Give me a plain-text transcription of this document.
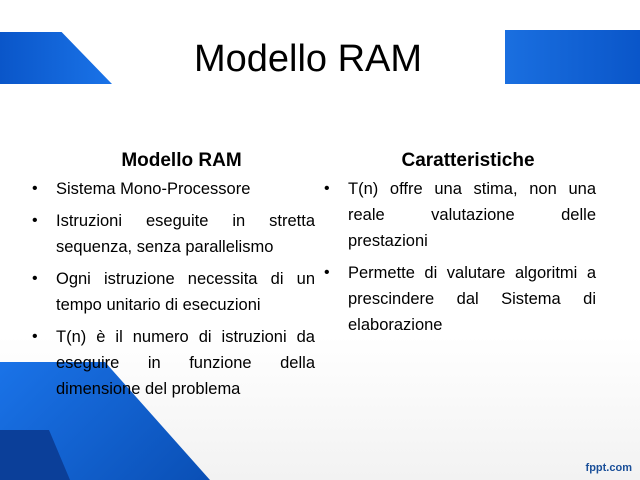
Modello RAM
Modello RAM
• Sistema Mono-Processore
• Istruzioni eseguite in stretta sequenza, senza parallelismo
• Ogni istruzione necessita di un tempo unitario di esecuzioni
• T(n) è il numero di istruzioni da eseguire in funzione della dimensione del problema
Caratteristiche
• T(n) offre una stima, non una reale valutazione delle prestazioni
• Permette di valutare algoritmi a prescindere dal Sistema di elaborazione
fppt.com
